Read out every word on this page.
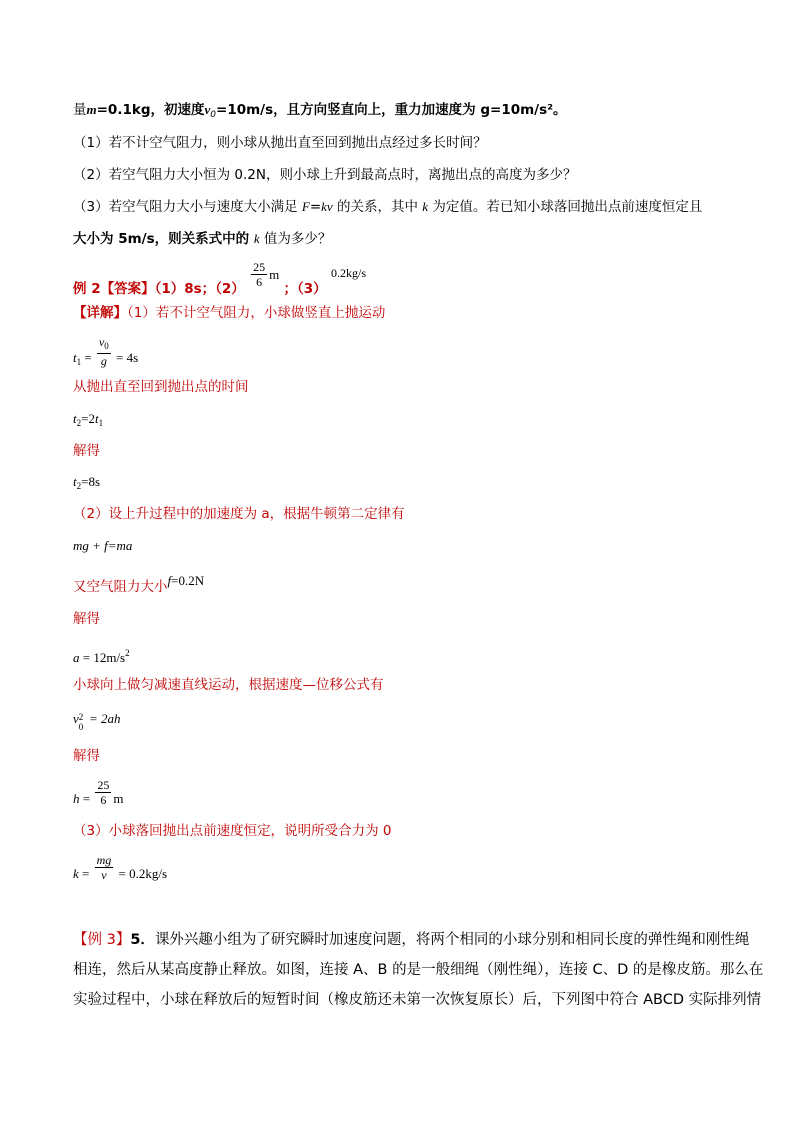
量m=0.1kg，初速度$v_0=10m/s$，且方向竖直向上，重力加速度为 g=10m/s²。
（1）若不计空气阻力，则小球从抛出直至回到抛出点经过多长时间？
（2）若空气阻力大小恒为 0.2N，则小球上升到最高点时，离抛出点的高度为多少？
（3）若空气阻力大小与速度大小满足 F=kv 的关系，其中 k 为定值。若已知小球落回抛出点前速度恒定且
大小为 5m/s，则关系式中的 k 值为多少？
例 2【答案】（1）8s；$(2) \frac{25}{6}$ m ；（3） 0.2kg/s
【详解】（1）若不计空气阻力，小球做竖直上抛运动
$t_1 = \frac{v_0}{g} = 4s$
从抛出直至回到抛出点的时间
$t_2=2t_1$
解得
$t_2=8s$
（2）设上升过程中的加速度为 a，根据牛顿第二定律有
mg + f=ma
又空气阻力大小f=0.2N
解得
$a = 12m/s^2$
小球向上做匀减速直线运动，根据速度—位移公式有
v 2
0
= 2ah
解得
$h = \frac{25}{6}$ m
（3）小球落回抛出点前速度恒定，说明所受合力为 0
$k = \frac{mg}{v} = 0.2kg/s$
【例 3】5．课外兴趣小组为了研究瞬时加速度问题，将两个相同的小球分别和相同长度的弹性绳和刚性绳
相连，然后从某高度静止释放。如图，连接 A、B 的是一般细绳（刚性绳），连接 C、D 的是橡皮筋。那么在
实验过程中，小球在释放后的短暂时间（橡皮筋还未第一次恢复原长）后，下列图中符合 ABCD 实际排列情
